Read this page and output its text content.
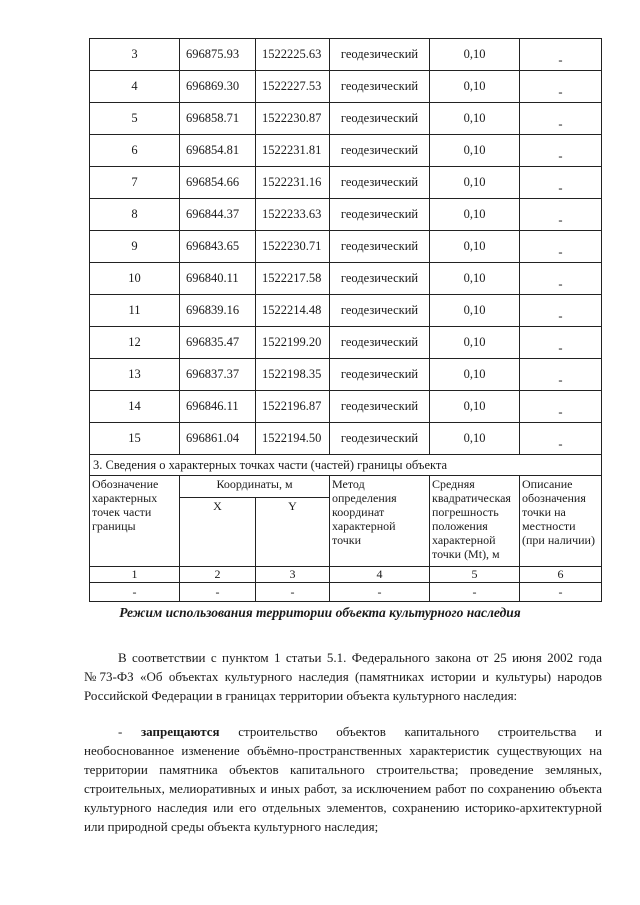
3	696875.93	1522225.63	геодезический	0,10	-
4	696869.30	1522227.53	геодезический	0,10	-
5	696858.71	1522230.87	геодезический	0,10	-
6	696854.81	1522231.81	геодезический	0,10	-
7	696854.66	1522231.16	геодезический	0,10	-
8	696844.37	1522233.63	геодезический	0,10	-
9	696843.65	1522230.71	геодезический	0,10	-
10	696840.11	1522217.58	геодезический	0,10	-
11	696839.16	1522214.48	геодезический	0,10	-
12	696835.47	1522199.20	геодезический	0,10	-
13	696837.37	1522198.35	геодезический	0,10	-
14	696846.11	1522196.87	геодезический	0,10	-
15	696861.04	1522194.50	геодезический	0,10	-
3. Сведения о характерных точках части (частей) границы объекта					
Обозначение характерных точек части границы	Координаты, м		Метод определения координат характерной точки	Средняя квадратическая погрешность положения характерной точки (Mt), м	Описание обозначения точки на местности (при наличии)
	X	Y			
1	2	3	4	5	6
-	-	-	-	-	-
Режим использования территории объекта культурного наследия
В соответствии с пунктом 1 статьи 5.1. Федерального закона от 25 июня 2002 года №73-ФЗ «Об объектах культурного наследия (памятниках истории и культуры) народов Российской Федерации в границах территории объекта культурного наследия:
- запрещаются строительство объектов капитального строительства и необоснованное изменение объёмно-пространственных характеристик существующих на территории памятника объектов капитального строительства; проведение земляных, строительных, мелиоративных и иных работ, за исключением работ по сохранению объекта культурного наследия или его отдельных элементов, сохранению историко-архитектурной или природной среды объекта культурного наследия;
